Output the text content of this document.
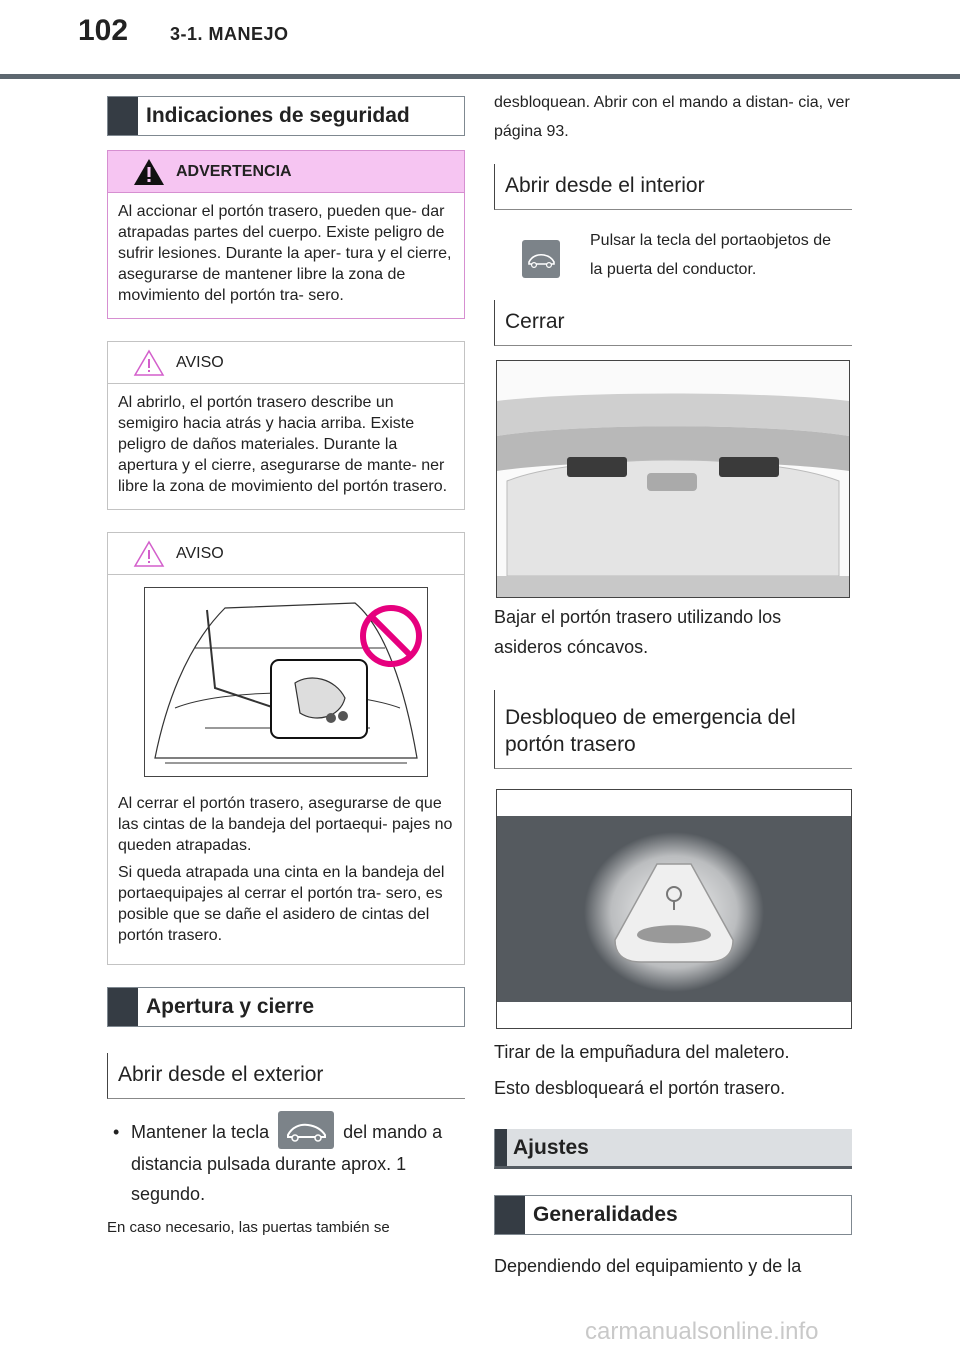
102 3-1. MANEJO
Indicaciones de seguridad
ADVERTENCIA
Al accionar el portón trasero, pueden que- dar atrapadas partes del cuerpo. Existe peligro de sufrir lesiones. Durante la aper- tura y el cierre, asegurarse de mantener libre la zona de movimiento del portón tra- sero.
AVISO
Al abrirlo, el portón trasero describe un semigiro hacia atrás y hacia arriba. Existe peligro de daños materiales. Durante la apertura y el cierre, asegurarse de mante- ner libre la zona de movimiento del portón trasero.
AVISO

Al cerrar el portón trasero, asegurarse de que las cintas de la bandeja del portaequi- pajes no queden atrapadas.

Si queda atrapada una cinta en la bandeja del portaequipajes al cerrar el portón tra- sero, es posible que se dañe el asidero de cintas del portón trasero.

Apertura y cierre
Abrir desde el exterior
• Mantener la tecla	del mando a distancia pulsada durante aprox. 1 segundo.
En caso necesario, las puertas también se
desbloquean. Abrir con el mando a distan- cia, ver página 93.
Abrir desde el interior
Pulsar la tecla del portaobjetos de la puerta del conductor.
Cerrar
Bajar el portón trasero utilizando los asideros cóncavos.
Desbloqueo de emergencia del portón trasero
Tirar de la empuñadura del maletero.
Esto desbloqueará el portón trasero.
Ajustes
Generalidades
Dependiendo del equipamiento y de la
carmanualsonline.info
